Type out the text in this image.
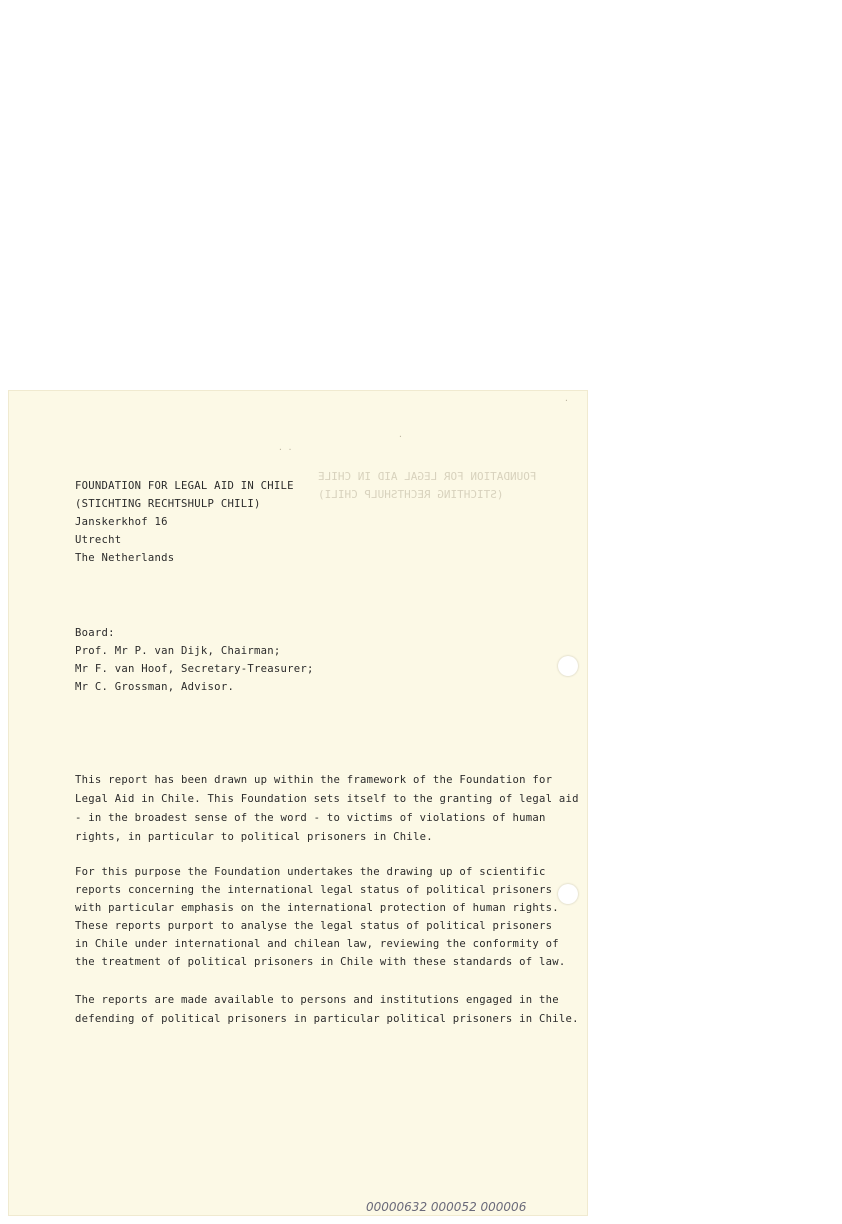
FOUNDATION FOR LEGAL AID IN CHILE
(STICHTING RECHTSHULP CHILI)
· ·
·
·
FOUNDATION FOR LEGAL AID IN CHILE
(STICHTING RECHTSHULP CHILI)
Janskerkhof 16
Utrecht
The Netherlands
Board:
Prof. Mr P. van Dijk, Chairman;
Mr F. van Hoof, Secretary-Treasurer;
Mr C. Grossman, Advisor.
This report has been drawn up within the framework of the Foundation for
Legal Aid in Chile. This Foundation sets itself to the granting of legal aid
- in the broadest sense of the word - to victims of violations of human
rights, in particular to political prisoners in Chile.
For this purpose the Foundation undertakes the drawing up of scientific
reports concerning the international legal status of political prisoners
with particular emphasis on the international protection of human rights.
These reports purport to analyse the legal status of political prisoners
in Chile under international and chilean law, reviewing the conformity of
the treatment of political prisoners in Chile with these standards of law.
The reports are made available to persons and institutions engaged in the
defending of political prisoners in particular political prisoners in Chile.
00000632 000052 000006
